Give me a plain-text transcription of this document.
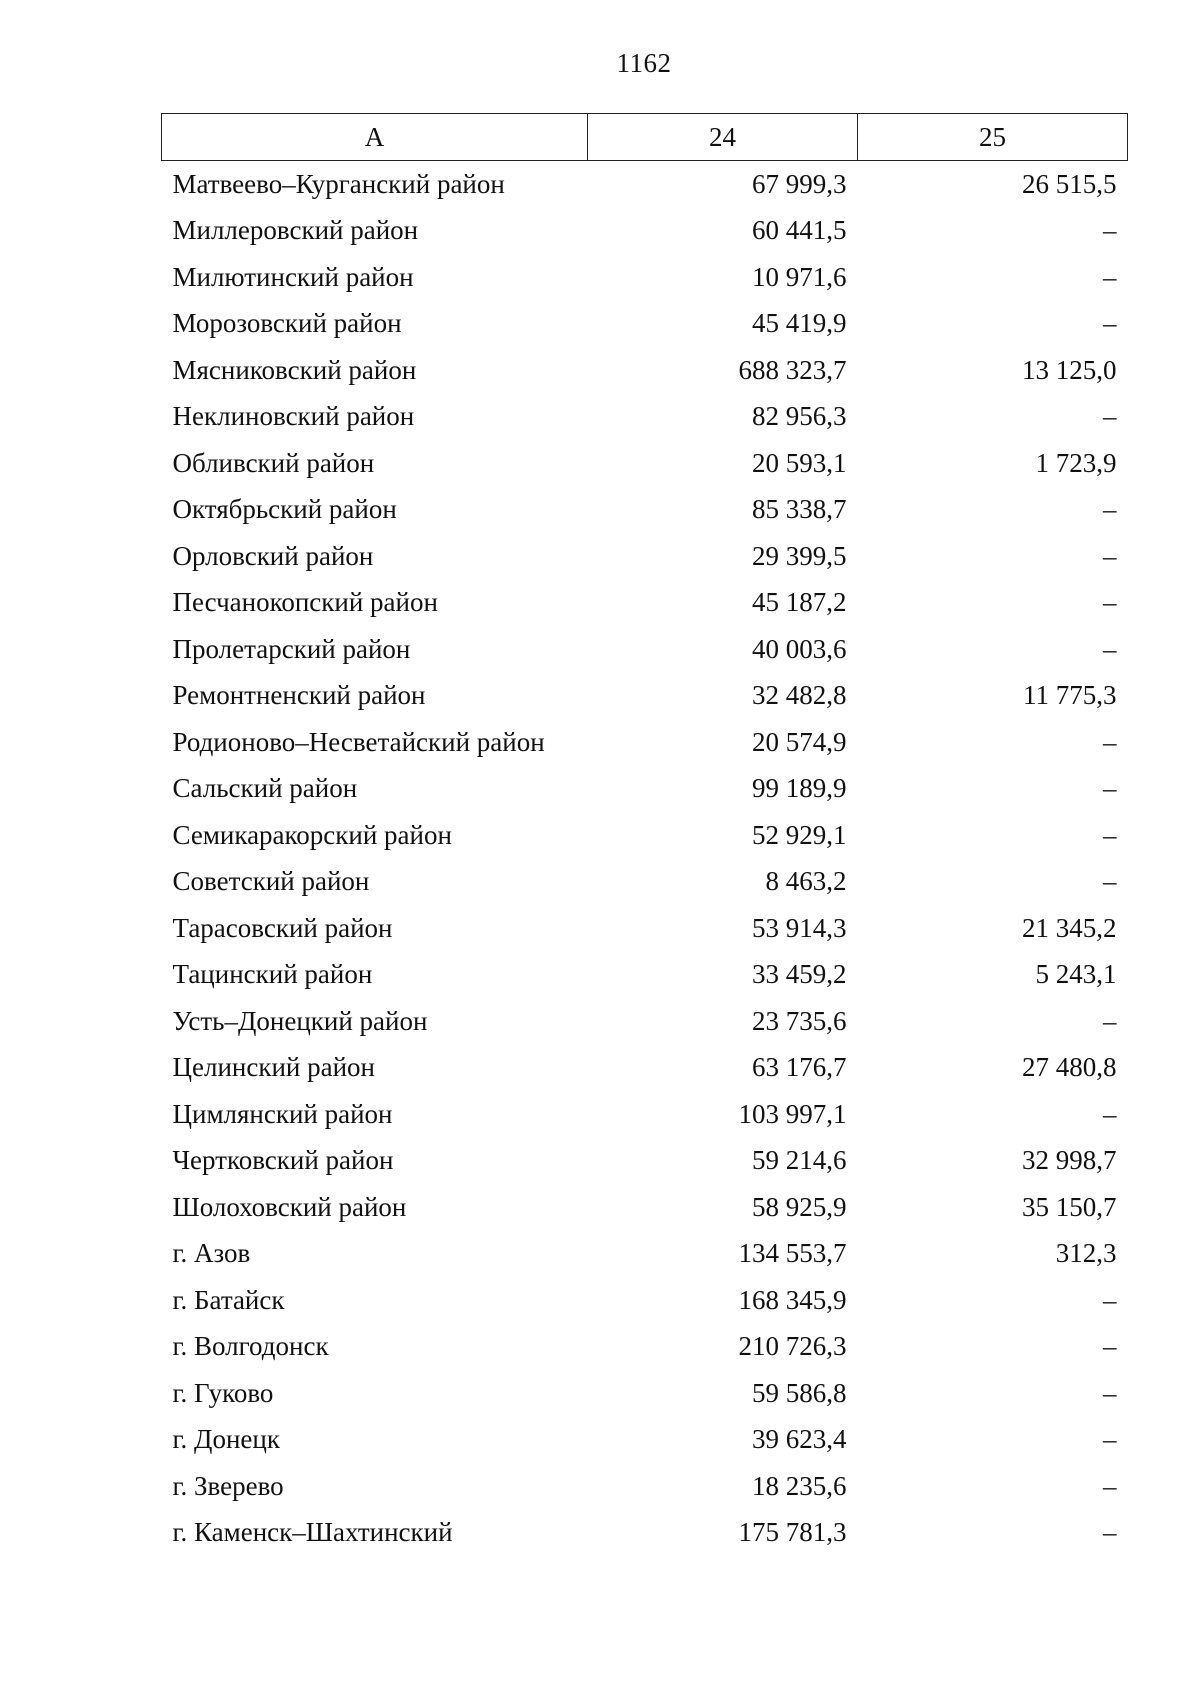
1162
А	24	25
Матвеево–Курганский район	67 999,3	26 515,5
Миллеровский район	60 441,5	–
Милютинский район	10 971,6	–
Морозовский район	45 419,9	–
Мясниковский район	688 323,7	13 125,0
Неклиновский район	82 956,3	–
Обливский район	20 593,1	1 723,9
Октябрьский район	85 338,7	–
Орловский район	29 399,5	–
Песчанокопский район	45 187,2	–
Пролетарский район	40 003,6	–
Ремонтненский район	32 482,8	11 775,3
Родионово–Несветайский район	20 574,9	–
Сальский район	99 189,9	–
Семикаракорский район	52 929,1	–
Советский район	8 463,2	–
Тарасовский район	53 914,3	21 345,2
Тацинский район	33 459,2	5 243,1
Усть–Донецкий район	23 735,6	–
Целинский район	63 176,7	27 480,8
Цимлянский район	103 997,1	–
Чертковский район	59 214,6	32 998,7
Шолоховский район	58 925,9	35 150,7
г. Азов	134 553,7	312,3
г. Батайск	168 345,9	–
г. Волгодонск	210 726,3	–
г. Гуково	59 586,8	–
г. Донецк	39 623,4	–
г. Зверево	18 235,6	–
г. Каменск–Шахтинский	175 781,3	–
